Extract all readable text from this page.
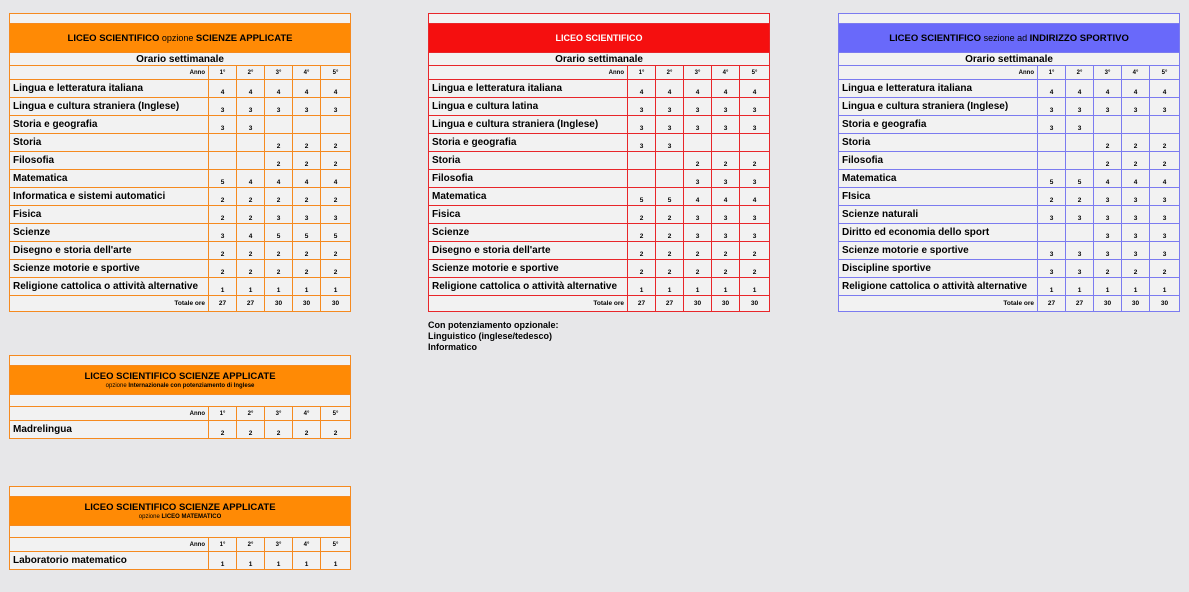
LICEO SCIENTIFICO opzione SCIENZE APPLICATE					
Orario settimanale					
Anno	1°	2°	3°	4°	5°
Lingua e letteratura italiana	4	4	4	4	4
Lingua e cultura straniera (Inglese)	3	3	3	3	3
Storia e geografia	3	3			
Storia			2	2	2
Filosofia			2	2	2
Matematica	5	4	4	4	4
Informatica e sistemi automatici	2	2	2	2	2
Fisica	2	2	3	3	3
Scienze	3	4	5	5	5
Disegno e storia dell'arte	2	2	2	2	2
Scienze motorie e sportive	2	2	2	2	2
Religione cattolica o attività alternative	1	1	1	1	1
Totale ore	27	27	30	30	30

LICEO SCIENTIFICO					
Orario settimanale					
Anno	1°	2°	3°	4°	5°
Lingua e letteratura italiana	4	4	4	4	4
Lingua e cultura latina	3	3	3	3	3
Lingua e cultura straniera (Inglese)	3	3	3	3	3
Storia e geografia	3	3			
Storia			2	2	2
Filosofia			3	3	3
Matematica	5	5	4	4	4
Fisica	2	2	3	3	3
Scienze	2	2	3	3	3
Disegno e storia dell'arte	2	2	2	2	2
Scienze motorie e sportive	2	2	2	2	2
Religione cattolica o attività alternative	1	1	1	1	1
Totale ore	27	27	30	30	30
Con potenziamento opzionale:
Linguistico (inglese/tedesco)
Informatico

LICEO SCIENTIFICO sezione ad INDIRIZZO SPORTIVO					
Orario settimanale					
Anno	1°	2°	3°	4°	5°
Lingua e letteratura italiana	4	4	4	4	4
Lingua e cultura straniera (Inglese)	3	3	3	3	3
Storia e geografia	3	3			
Storia			2	2	2
Filosofia			2	2	2
Matematica	5	5	4	4	4
FIsica	2	2	3	3	3
Scienze naturali	3	3	3	3	3
Diritto ed economia dello sport			3	3	3
Scienze motorie e sportive	3	3	3	3	3
Discipline sportive	3	3	2	2	2
Religione cattolica o attività alternative	1	1	1	1	1
Totale ore	27	27	30	30	30

LICEO SCIENTIFICO SCIENZE APPLICATE
opzione Internazionale con potenziamento di Inglese					

Anno	1°	2°	3°	4°	5°
Madrelingua	2	2	2	2	2

LICEO SCIENTIFICO SCIENZE APPLICATE
opzione LICEO MATEMATICO					

Anno	1°	2°	3°	4°	5°
Laboratorio matematico	1	1	1	1	1
